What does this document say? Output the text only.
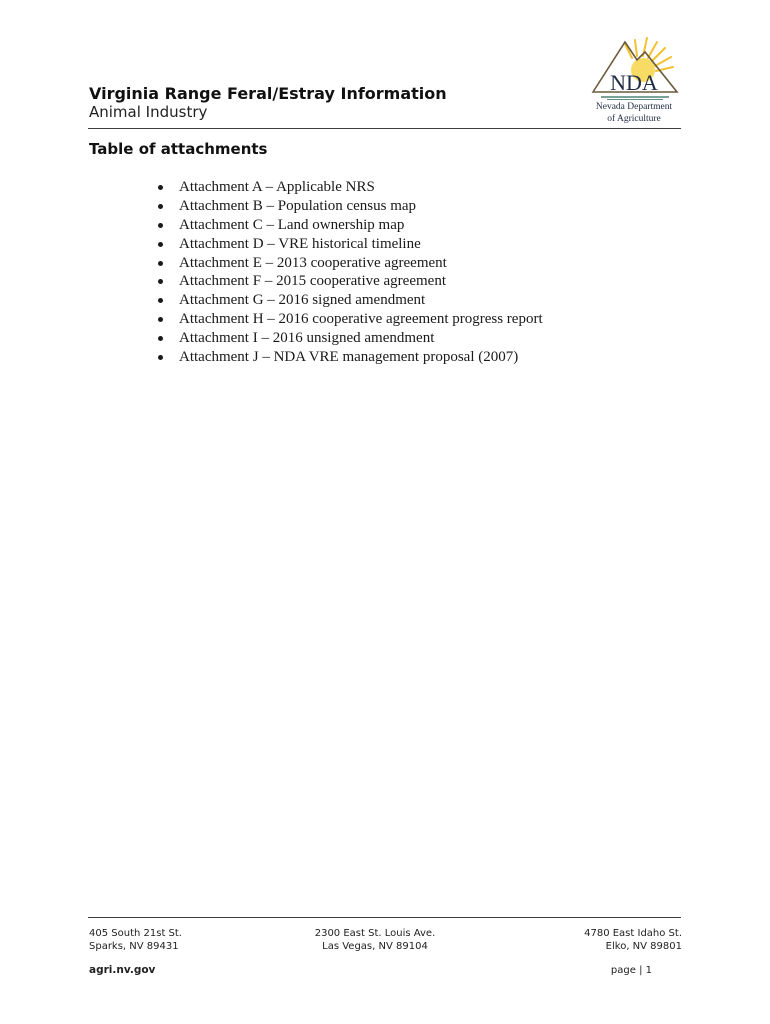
Virginia Range Feral/Estray Information
Animal Industry
NDA
Nevada Department
of Agriculture
Table of attachments
Attachment A – Applicable NRS
Attachment B – Population census map
Attachment C – Land ownership map
Attachment D – VRE historical timeline
Attachment E – 2013 cooperative agreement
Attachment F – 2015 cooperative agreement
Attachment G – 2016 signed amendment
Attachment H – 2016 cooperative agreement progress report
Attachment I – 2016 unsigned amendment
Attachment J – NDA VRE management proposal (2007)
405 South 21st St.
Sparks, NV 89431
2300 East St. Louis Ave.
Las Vegas, NV 89104
4780 East Idaho St.
Elko, NV 89801
agri.nv.gov	page | 1
